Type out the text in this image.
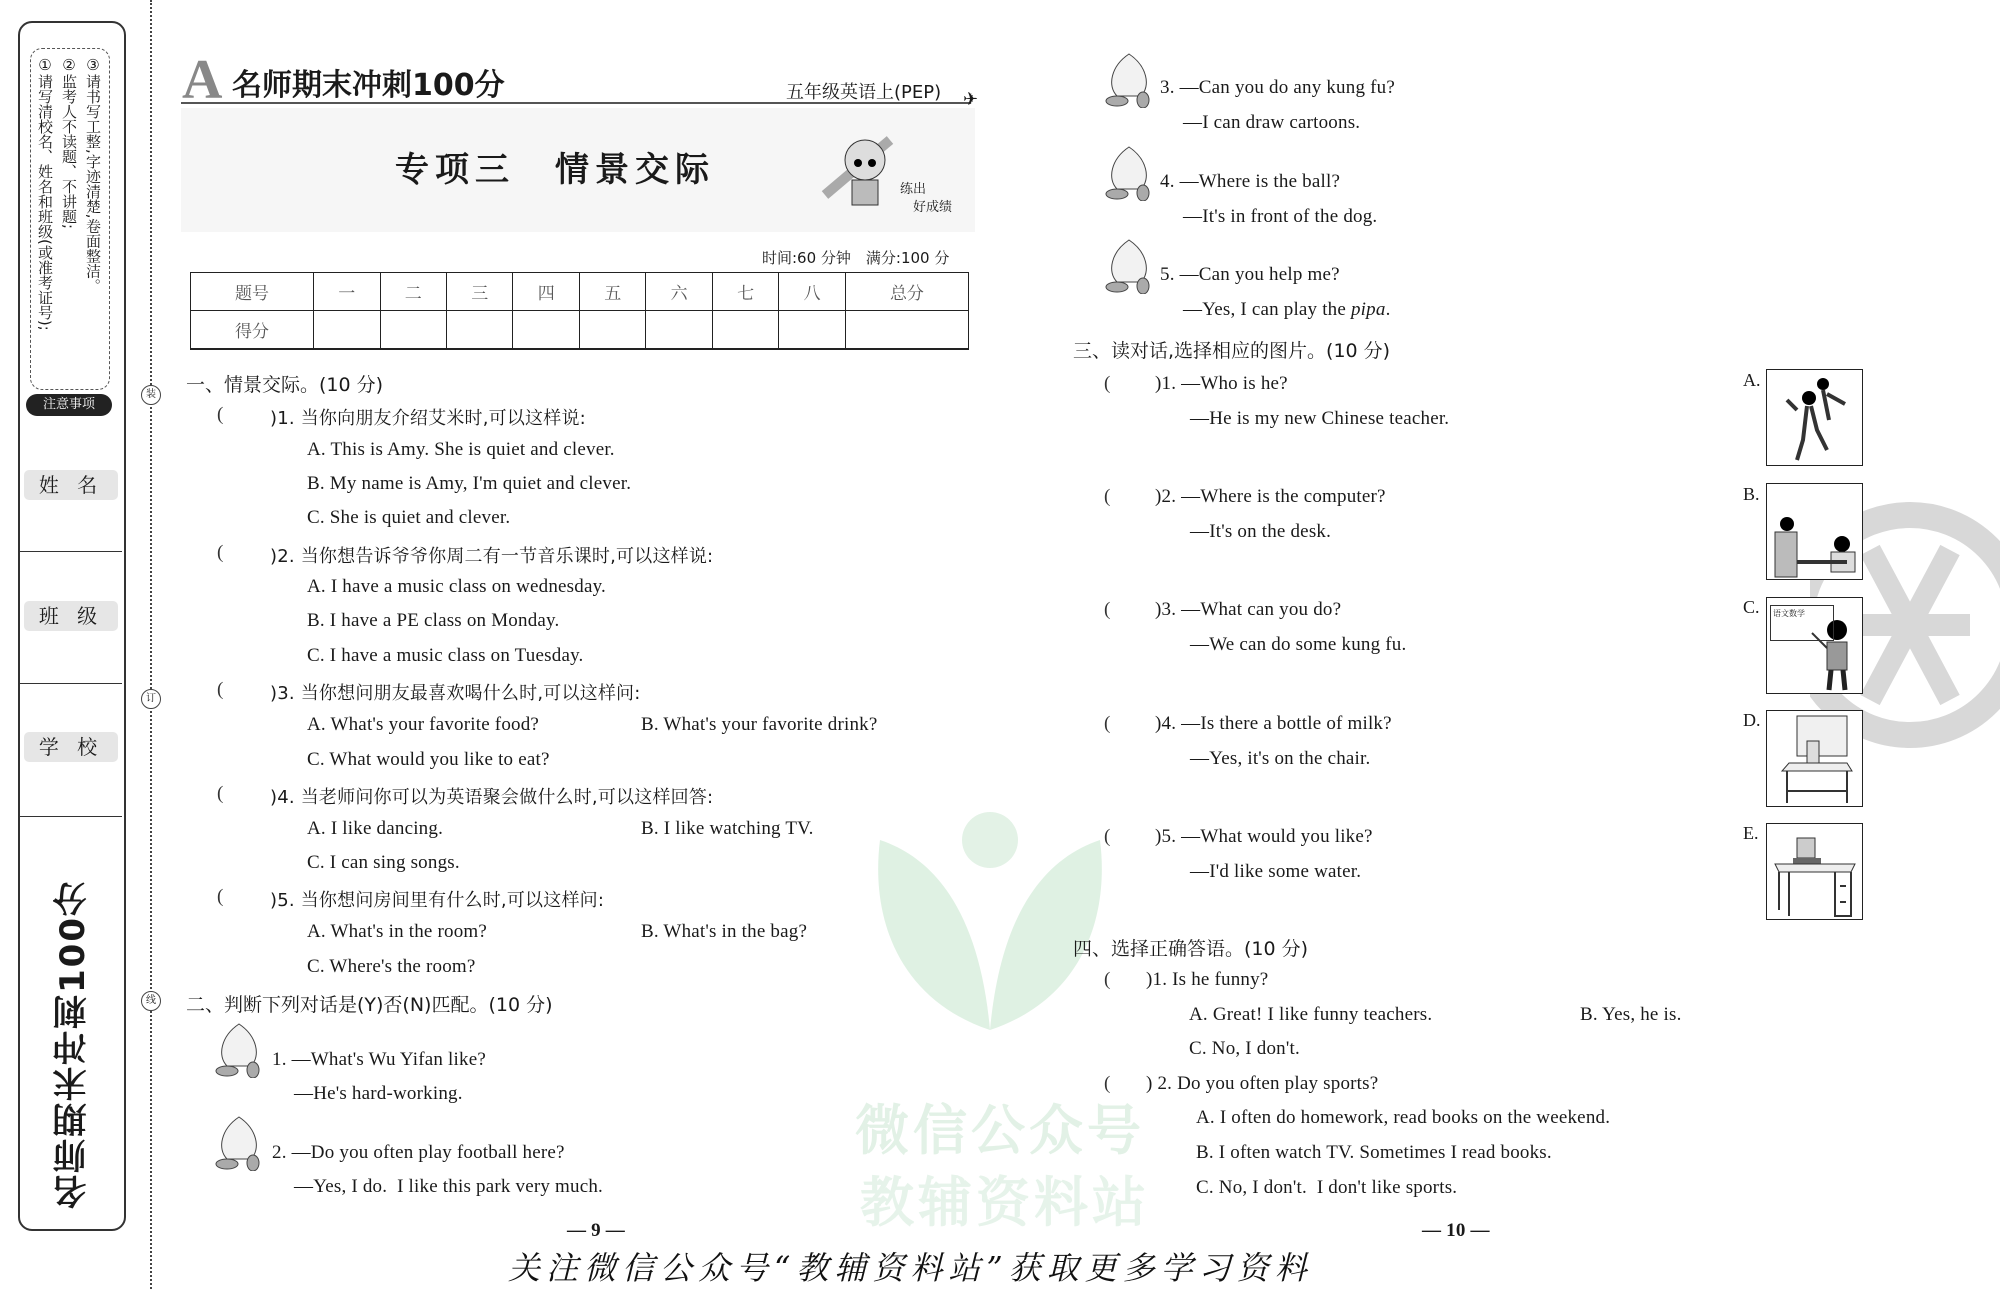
微信公众号
教辅资料站
①请写清校名、姓名和班级(或准考证号); ②监考人不读题、不讲题; ③请书写工整,字迹清楚,卷面整洁。
注意事项
姓 名
班 级
学 校
名师期末冲刺100分
装
订
线
A 名师期末冲刺100分	五年级英语上(PEP) ✈
专项三　情景交际	练出
好成绩
时间:60 分钟　满分:100 分
题号	一	二	三	四	五	六	七	八	总分
得分									
一、情景交际。(10 分)
(	)1. 当你向朋友介绍艾米时,可以这样说:
A. This is Amy. She is quiet and clever.
B. My name is Amy, I'm quiet and clever.
C. She is quiet and clever.
(	)2. 当你想告诉爷爷你周二有一节音乐课时,可以这样说:
A. I have a music class on wednesday.
B. I have a PE class on Monday.
C. I have a music class on Tuesday.
(	)3. 当你想问朋友最喜欢喝什么时,可以这样问:
A. What's your favorite food?	B. What's your favorite drink?
C. What would you like to eat?
(	)4. 当老师问你可以为英语聚会做什么时,可以这样回答:
A. I like dancing.	B. I like watching TV.
C. I can sing songs.
(	)5. 当你想问房间里有什么时,可以这样问:
A. What's in the room?	B. What's in the bag?
C. Where's the room?
二、判断下列对话是(Y)否(N)匹配。(10 分)
1. —What's Wu Yifan like?
—He's hard-working.
2. —Do you often play football here?
—Yes, I do.  I like this park very much.
— 9 —
3. —Can you do any kung fu?
—I can draw cartoons.
4. —Where is the ball?
—It's in front of the dog.
5. —Can you help me?
—Yes, I can play the pipa.
三、读对话,选择相应的图片。(10 分)
( )1. —Who is he?
—He is my new Chinese teacher.
( )2. —Where is the computer?
—It's on the desk.
( )3. —What can you do?
—We can do some kung fu.
( )4. —Is there a bottle of milk?
—Yes, it's on the chair.
( )5. —What would you like?
—I'd like some water.
A.
B.
C.	语文数学
D.
E.
四、选择正确答语。(10 分)
( )1. Is he funny?
A. Great! I like funny teachers.	B. Yes, he is.
C. No, I don't.
( ) 2. Do you often play sports?
A. I often do homework, read books on the weekend.
B. I often watch TV. Sometimes I read books.
C. No, I don't.  I don't like sports.
— 10 —
关注微信公众号“教辅资料站”获取更多学习资料
